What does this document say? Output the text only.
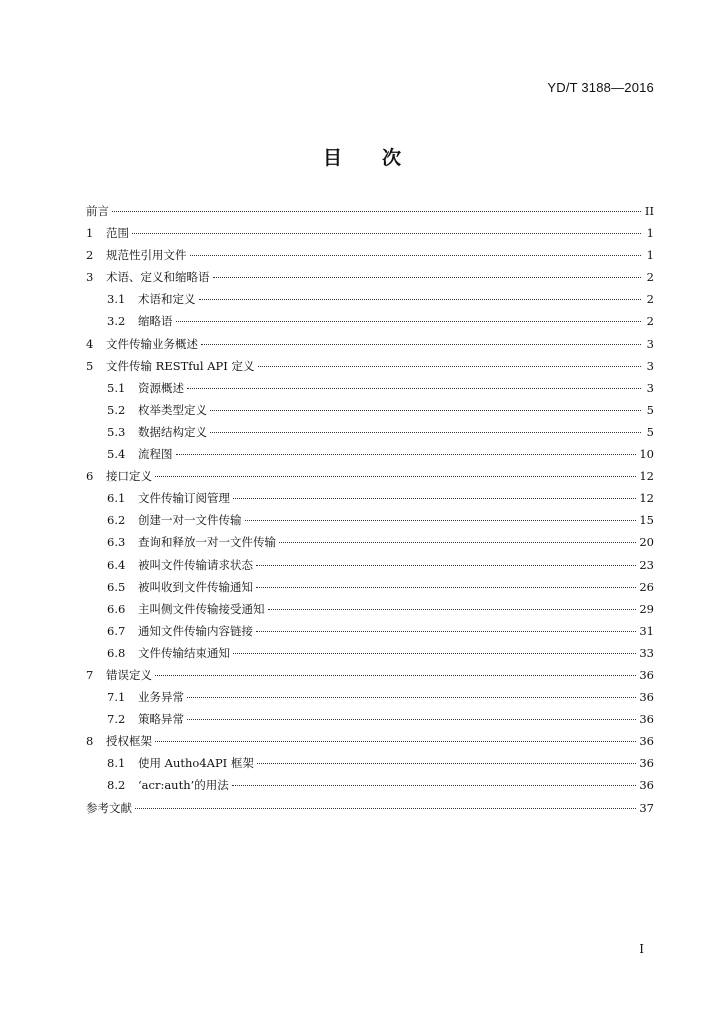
YD/T 3188—2016
目次
前言	II
1	范围	1
2	规范性引用文件	1
3	术语、定义和缩略语	2
3.1	术语和定义	2
3.2	缩略语	2
4	文件传输业务概述	3
5	文件传输 RESTful API 定义	3
5.1	资源概述	3
5.2	枚举类型定义	5
5.3	数据结构定义	5
5.4	流程图	10
6	接口定义	12
6.1	文件传输订阅管理	12
6.2	创建一对一文件传输	15
6.3	查询和释放一对一文件传输	20
6.4	被叫文件传输请求状态	23
6.5	被叫收到文件传输通知	26
6.6	主叫侧文件传输接受通知	29
6.7	通知文件传输内容链接	31
6.8	文件传输结束通知	33
7	错误定义	36
7.1	业务异常	36
7.2	策略异常	36
8	授权框架	36
8.1	使用 Autho4API 框架	36
8.2	‘acr:auth’的用法	36
参考文献	37
I
